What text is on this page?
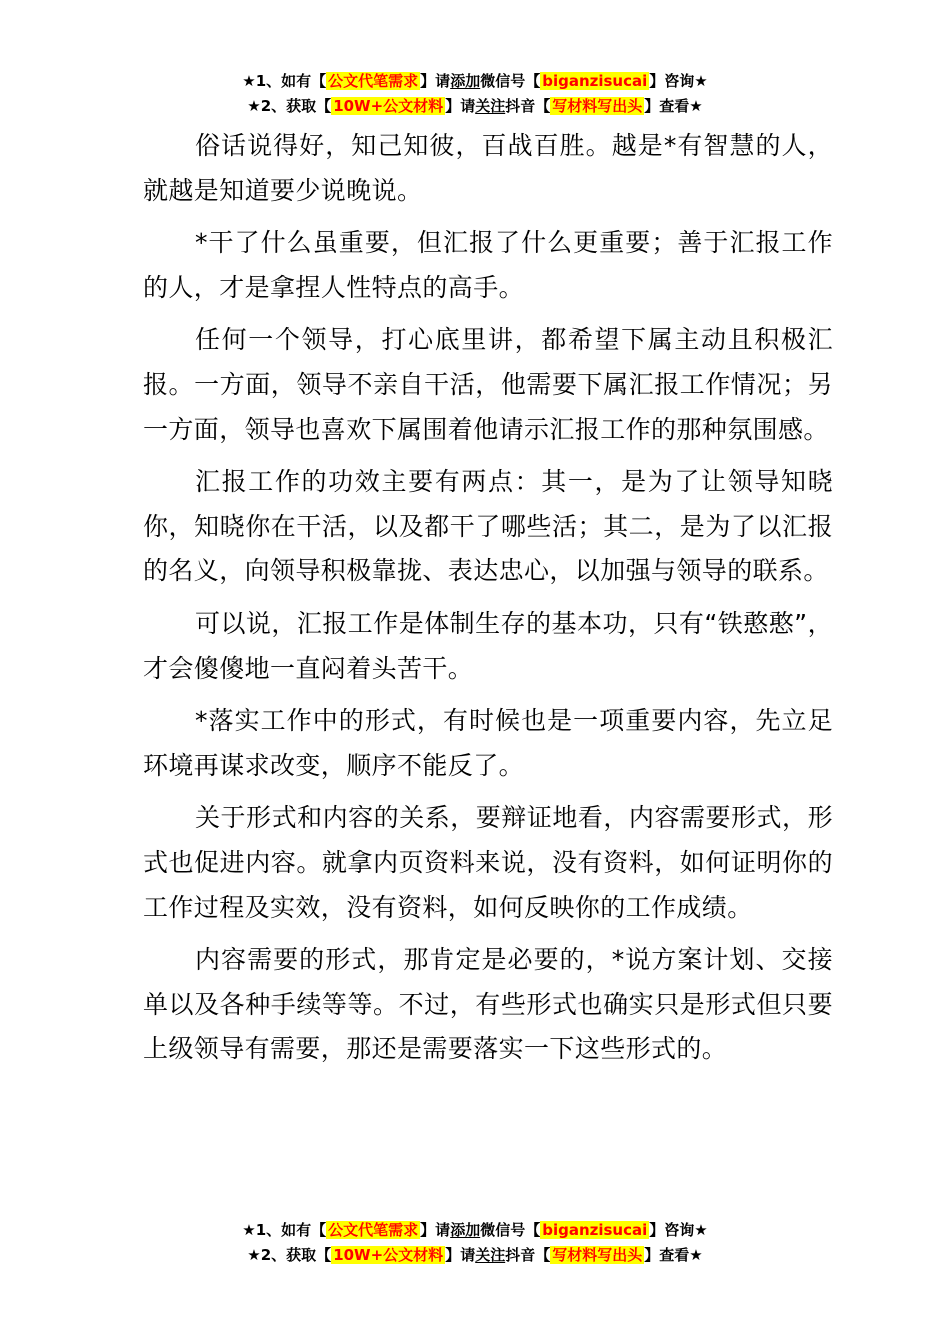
★1、如有【 公文代笔需求 】请添加微信号【 biganzisucai 】咨询★
★2、获取【 10W+公文材料 】请关注抖音【 写材料写出头 】查看★

俗话说得好，知己知彼，百战百胜。越是*有智慧的人，就越是知道要少说晚说。

*干了什么虽重要，但汇报了什么更重要；善于汇报工作的人，才是拿捏人性特点的高手。

任何一个领导，打心底里讲，都希望下属主动且积极汇报。一方面，领导不亲自干活，他需要下属汇报工作情况；另一方面，领导也喜欢下属围着他请示汇报工作的那种氛围感。

汇报工作的功效主要有两点：其一，是为了让领导知晓你，知晓你在干活，以及都干了哪些活；其二，是为了以汇报的名义，向领导积极靠拢、表达忠心，以加强与领导的联系。

可以说，汇报工作是体制生存的基本功，只有“铁憨憨”，才会傻傻地一直闷着头苦干。

*落实工作中的形式，有时候也是一项重要内容，先立足环境再谋求改变，顺序不能反了。

关于形式和内容的关系，要辩证地看，内容需要形式，形式也促进内容。就拿内页资料来说，没有资料，如何证明你的工作过程及实效，没有资料，如何反映你的工作成绩。

内容需要的形式，那肯定是必要的，*说方案计划、交接单以及各种手续等等。不过，有些形式也确实只是形式但只要上级领导有需要，那还是需要落实一下这些形式的。

★1、如有【 公文代笔需求 】请添加微信号【 biganzisucai 】咨询★
★2、获取【 10W+公文材料 】请关注抖音【 写材料写出头 】查看★
